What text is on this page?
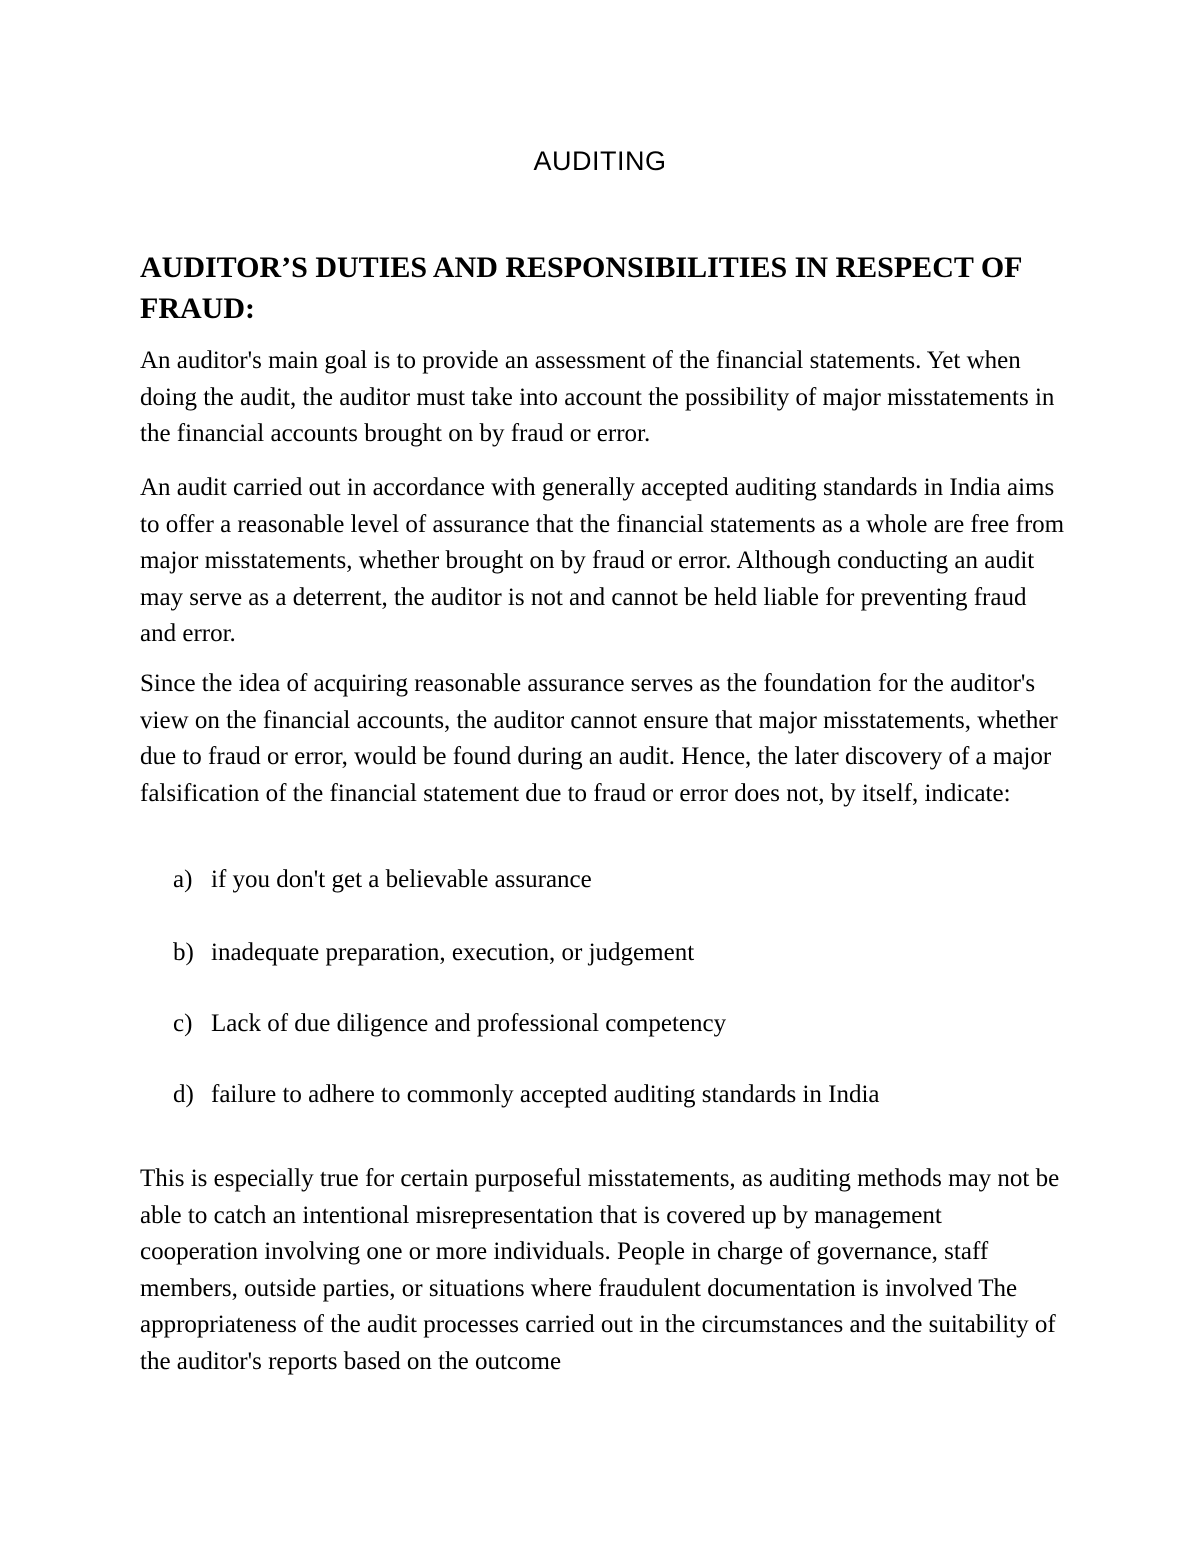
AUDITING
AUDITOR’S DUTIES AND RESPONSIBILITIES IN RESPECT OF FRAUD:

An auditor's main goal is to provide an assessment of the financial statements. Yet when doing the audit, the auditor must take into account the possibility of major misstatements in the financial accounts brought on by fraud or error.

An audit carried out in accordance with generally accepted auditing standards in India aims to offer a reasonable level of assurance that the financial statements as a whole are free from major misstatements, whether brought on by fraud or error. Although conducting an audit may serve as a deterrent, the auditor is not and cannot be held liable for preventing fraud and error.

Since the idea of acquiring reasonable assurance serves as the foundation for the auditor's view on the financial accounts, the auditor cannot ensure that major misstatements, whether due to fraud or error, would be found during an audit. Hence, the later discovery of a major falsification of the financial statement due to fraud or error does not, by itself, indicate:

a) if you don't get a believable assurance
b) inadequate preparation, execution, or judgement
c) Lack of due diligence and professional competency
d) failure to adhere to commonly accepted auditing standards in India

This is especially true for certain purposeful misstatements, as auditing methods may not be able to catch an intentional misrepresentation that is covered up by management cooperation involving one or more individuals. People in charge of governance, staff members, outside parties, or situations where fraudulent documentation is involved The appropriateness of the audit processes carried out in the circumstances and the suitability of the auditor's reports based on the outcome
